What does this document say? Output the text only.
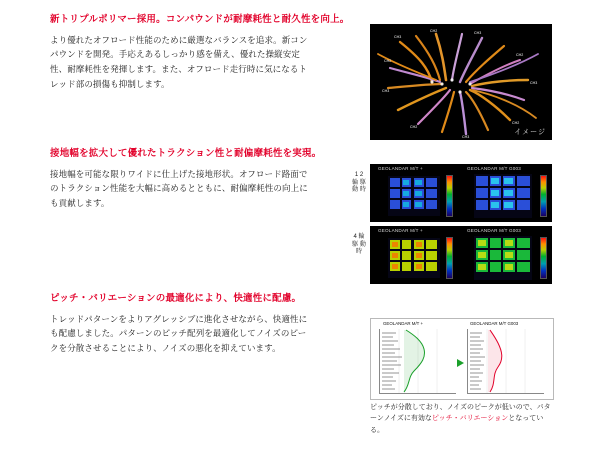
新トリプルポリマー採用。コンパウンドが耐摩耗性と耐久性を向上。

より優れたオフロード性能のために厳選なバランスを追求。新コンパウンドを開発。手応えあるしっかり感を備え、優れた操縦安定性、耐摩耗性を発揮します。また、オフロード走行時に気になるトレッド部の損傷も抑制します。

CH3
CH2	CH3
CH2
CH3
CH2
CH3
CH2
CH3
CH2
イメージ

接地幅を拡大して優れたトラクション性と耐偏摩耗性を実現。

接地幅を可能な限りワイドに仕上げた接地形状。オフロード路面でのトラクション性能を大幅に高めるとともに、耐偏摩耗性の向上にも貢献します。

1 2 輪 駆 動 時
4 輪 駆 動 時
GEOLANDAR M/T +	GEOLANDAR M/T G003
GEOLANDAR M/T +	GEOLANDAR M/T G003

ピッチ・バリエーションの最適化により、快適性に配慮。

トレッドパターンをよりアグレッシブに進化させながら、快適性にも配慮しました。パターンのピッチ配列を最適化してノイズのピークを分散させることにより、ノイズの悪化を抑えています。

GEOLANDAR M/T +	GEOLANDAR M/T G003
ピッチが分散しており、ノイズのピークが低いので、パターンノイズに有効なピッチ・バリエーションとなっている。
